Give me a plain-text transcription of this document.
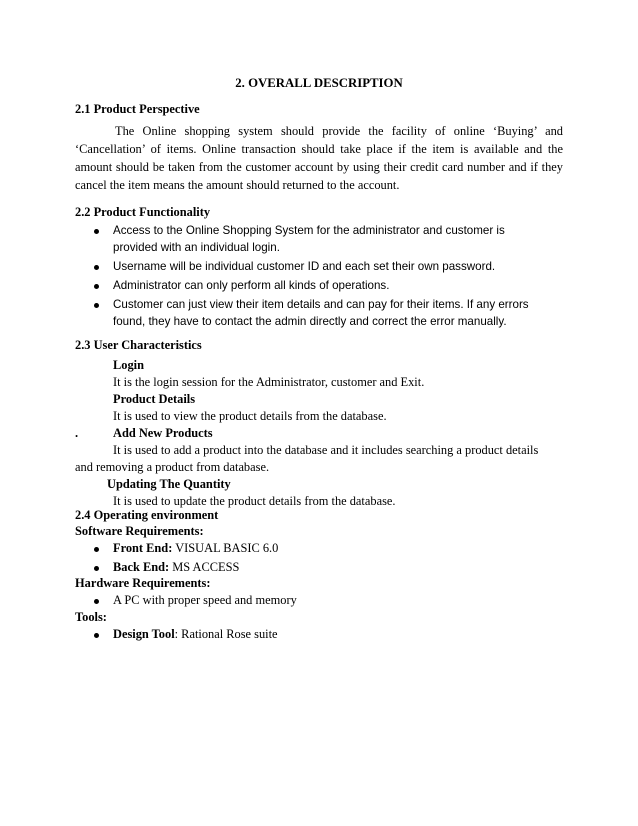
2. OVERALL DESCRIPTION
2.1 Product Perspective
The Online shopping system should provide the facility of online ‘Buying’ and ‘Cancellation’ of items. Online transaction should take place if the item is available and the amount should be taken from the customer account by using their credit card number and if they cancel the item means the amount should returned to the account.
2.2 Product Functionality
Access to the Online Shopping System for the administrator and customer is provided with an individual login.
Username will be individual customer ID and each set their own password.
Administrator can only perform all kinds of operations.
Customer can just view their item details and can pay for their items. If any errors found, they have to contact the admin directly and correct the error manually.
2.3 User Characteristics
Login
It is the login session for the Administrator, customer and Exit.
Product Details
It is used to view the product details from the database.
.	Add New Products
It is used to add a product into the database and it includes searching a product details
and removing a product from database.
Updating The Quantity
It is used to update the product details from the database.
2.4 Operating environment
Software Requirements:
Front End: VISUAL BASIC 6.0
Back End: MS ACCESS
Hardware Requirements:
A PC with proper speed and memory
Tools:
Design Tool: Rational Rose suite
